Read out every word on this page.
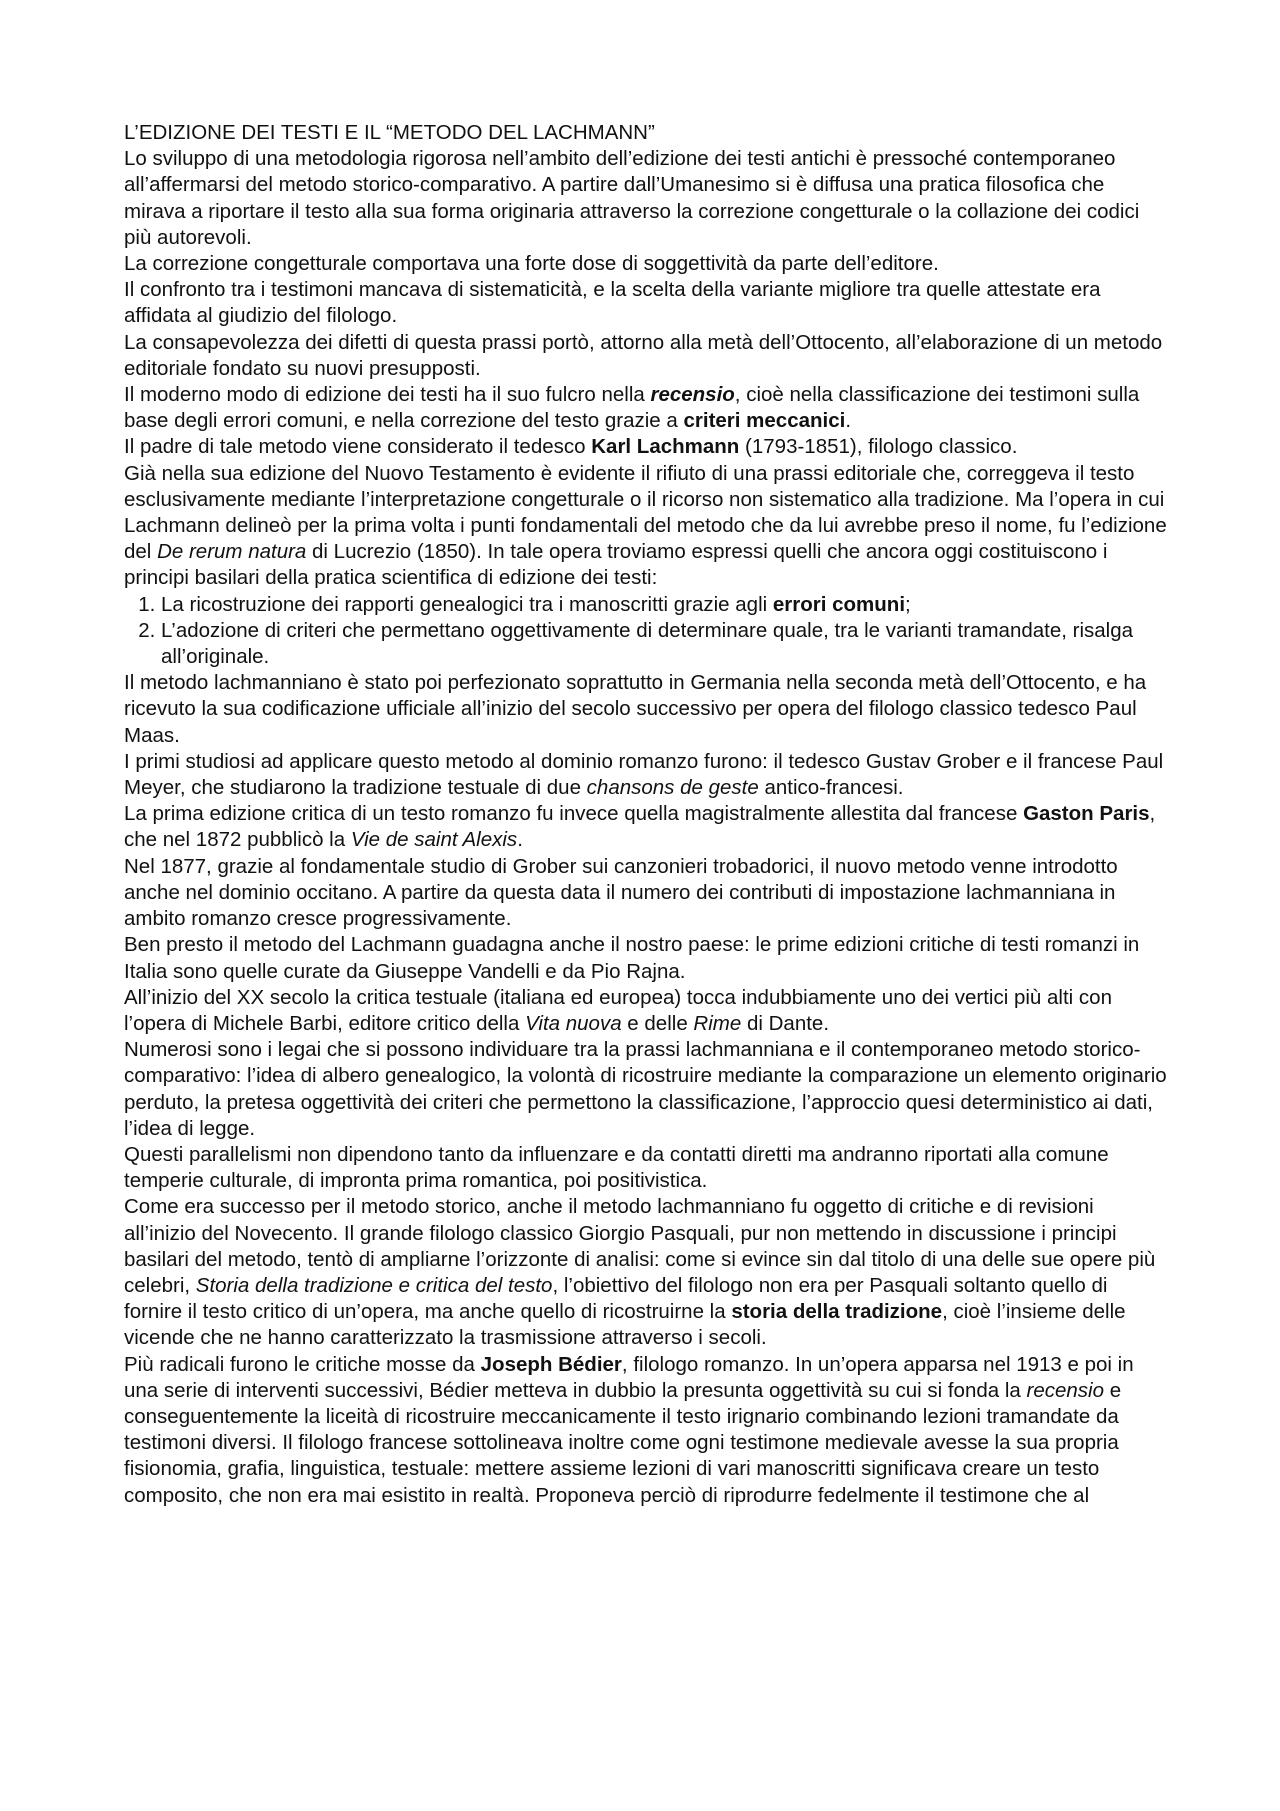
L’EDIZIONE DEI TESTI E IL “METODO DEL LACHMANN”

Lo sviluppo di una metodologia rigorosa nell’ambito dell’edizione dei testi antichi è pressoché contemporaneo all’affermarsi del metodo storico-comparativo. A partire dall’Umanesimo si è diffusa una pratica filosofica che mirava a riportare il testo alla sua forma originaria attraverso la correzione congetturale o la collazione dei codici più autorevoli.

La correzione congetturale comportava una forte dose di soggettività da parte dell’editore.

Il confronto tra i testimoni mancava di sistematicità, e la scelta della variante migliore tra quelle attestate era affidata al giudizio del filologo.

La consapevolezza dei difetti di questa prassi portò, attorno alla metà dell’Ottocento, all’elaborazione di un metodo editoriale fondato su nuovi presupposti.

Il moderno modo di edizione dei testi ha il suo fulcro nella recensio, cioè nella classificazione dei testimoni sulla base degli errori comuni, e nella correzione del testo grazie a criteri meccanici.

Il padre di tale metodo viene considerato il tedesco Karl Lachmann (1793-1851), filologo classico.

Già nella sua edizione del Nuovo Testamento è evidente il rifiuto di una prassi editoriale che, correggeva il testo esclusivamente mediante l’interpretazione congetturale o il ricorso non sistematico alla tradizione. Ma l’opera in cui Lachmann delineò per la prima volta i punti fondamentali del metodo che da lui avrebbe preso il nome, fu l’edizione del De rerum natura di Lucrezio (1850). In tale opera troviamo espressi quelli che ancora oggi costituiscono i principi basilari della pratica scientifica di edizione dei testi:

1. La ricostruzione dei rapporti genealogici tra i manoscritti grazie agli errori comuni;
2. L’adozione di criteri che permettano oggettivamente di determinare quale, tra le varianti tramandate, risalga all’originale.

Il metodo lachmanniano è stato poi perfezionato soprattutto in Germania nella seconda metà dell’Ottocento, e ha ricevuto la sua codificazione ufficiale all’inizio del secolo successivo per opera del filologo classico tedesco Paul Maas.

I primi studiosi ad applicare questo metodo al dominio romanzo furono: il tedesco Gustav Grober e il francese Paul Meyer, che studiarono la tradizione testuale di due chansons de geste antico-francesi.

La prima edizione critica di un testo romanzo fu invece quella magistralmente allestita dal francese Gaston Paris, che nel 1872 pubblicò la Vie de saint Alexis.

Nel 1877, grazie al fondamentale studio di Grober sui canzonieri trobadorici, il nuovo metodo venne introdotto anche nel dominio occitano. A partire da questa data il numero dei contributi di impostazione lachmanniana in ambito romanzo cresce progressivamente.

Ben presto il metodo del Lachmann guadagna anche il nostro paese: le prime edizioni critiche di testi romanzi in Italia sono quelle curate da Giuseppe Vandelli e da Pio Rajna.

All’inizio del XX secolo la critica testuale (italiana ed europea) tocca indubbiamente uno dei vertici più alti con l’opera di Michele Barbi, editore critico della Vita nuova e delle Rime di Dante.

Numerosi sono i legai che si possono individuare tra la prassi lachmanniana e il contemporaneo metodo storico-comparativo: l’idea di albero genealogico, la volontà di ricostruire mediante la comparazione un elemento originario perduto, la pretesa oggettività dei criteri che permettono la classificazione, l’approccio quesi deterministico ai dati, l’idea di legge.

Questi parallelismi non dipendono tanto da influenzare e da contatti diretti ma andranno riportati alla comune temperie culturale, di impronta prima romantica, poi positivistica.

Come era successo per il metodo storico, anche il metodo lachmanniano fu oggetto di critiche e di revisioni all’inizio del Novecento. Il grande filologo classico Giorgio Pasquali, pur non mettendo in discussione i principi basilari del metodo, tentò di ampliarne l’orizzonte di analisi: come si evince sin dal titolo di una delle sue opere più celebri, Storia della tradizione e critica del testo, l’obiettivo del filologo non era per Pasquali soltanto quello di fornire il testo critico di un’opera, ma anche quello di ricostruirne la storia della tradizione, cioè l’insieme delle vicende che ne hanno caratterizzato la trasmissione attraverso i secoli.

Più radicali furono le critiche mosse da Joseph Bédier, filologo romanzo. In un’opera apparsa nel 1913 e poi in una serie di interventi successivi, Bédier metteva in dubbio la presunta oggettività su cui si fonda la recensio e conseguentemente la liceità di ricostruire meccanicamente il testo irignario combinando lezioni tramandate da testimoni diversi. Il filologo francese sottolineava inoltre come ogni testimone medievale avesse la sua propria fisionomia, grafia, linguistica, testuale: mettere assieme lezioni di vari manoscritti significava creare un testo composito, che non era mai esistito in realtà. Proponeva perciò di riprodurre fedelmente il testimone che al
